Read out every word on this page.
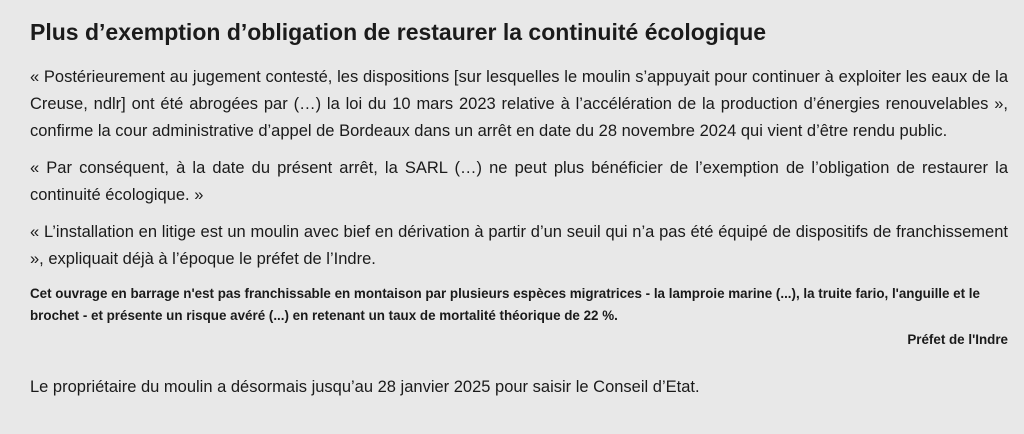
Plus d’exemption d’obligation de restaurer la continuité écologique

« Postérieurement au jugement contesté, les dispositions [sur lesquelles le moulin s’appuyait pour continuer à exploiter les eaux de la Creuse, ndlr] ont été abrogées par (…) la loi du 10 mars 2023 relative à l’accélération de la production d’énergies renouvelables », confirme la cour administrative d’appel de Bordeaux dans un arrêt en date du 28 novembre 2024 qui vient d’être rendu public.

« Par conséquent, à la date du présent arrêt, la SARL (…) ne peut plus bénéficier de l’exemption de l’obligation de restaurer la continuité écologique. »

« L’installation en litige est un moulin avec bief en dérivation à partir d’un seuil qui n’a pas été équipé de dispositifs de franchissement », expliquait déjà à l’époque le préfet de l’Indre.

Cet ouvrage en barrage n'est pas franchissable en montaison par plusieurs espèces migratrices - la lamproie marine (...), la truite fario, l'anguille et le brochet - et présente un risque avéré (...) en retenant un taux de mortalité théorique de 22 %.

Préfet de l'Indre

Le propriétaire du moulin a désormais jusqu’au 28 janvier 2025 pour saisir le Conseil d’Etat.
